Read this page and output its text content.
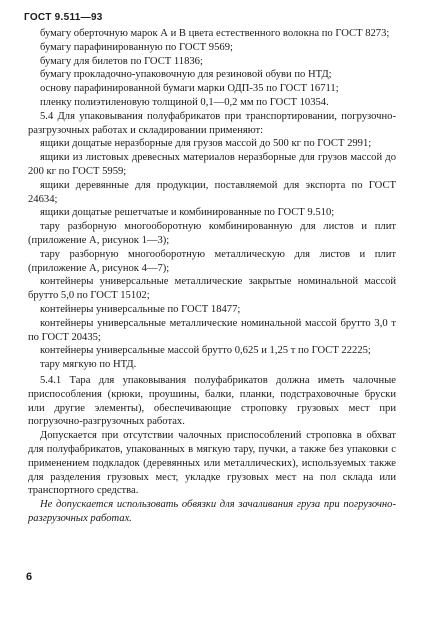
ГОСТ 9.511—93

бумагу оберточную марок А и В цвета естественного волокна по ГОСТ 8273;

бумагу парафинированную по ГОСТ 9569;

бумагу для билетов по ГОСТ 11836;

бумагу прокладочно-упаковочную для резиновой обуви по НТД;

основу парафинированной бумаги марки ОДП-35 по ГОСТ 16711;

пленку полиэтиленовую толщиной 0,1—0,2 мм по ГОСТ 10354.

5.4 Для упаковывания полуфабрикатов при транспортировании, погрузочно-разгрузочных работах и складировании применяют:

ящики дощатые неразборные для грузов массой до 500 кг по ГОСТ 2991;

ящики из листовых древесных материалов неразборные для грузов массой до 200 кг по ГОСТ 5959;

ящики деревянные для продукции, поставляемой для экспорта по ГОСТ 24634;

ящики дощатые решетчатые и комбинированные по ГОСТ 9.510;

тару разборную многооборотную комбинированную для листов и плит (приложение А, рисунок 1—3);

тару разборную многооборотную металлическую для листов и плит (приложение А, рисунок 4—7);

контейнеры универсальные металлические закрытые номинальной массой брутто 5,0 по ГОСТ 15102;

контейнеры универсальные по ГОСТ 18477;

контейнеры универсальные металлические номинальной массой брутто 3,0 т по ГОСТ 20435;

контейнеры универсальные массой брутто 0,625 и 1,25 т по ГОСТ 22225;

тару мягкую по НТД.

5.4.1 Тара для упаковывания полуфабрикатов должна иметь чалочные приспособления (крюки, проушины, балки, планки, подстраховочные бруски или другие элементы), обеспечивающие строповку грузовых мест при погрузочно-разгрузочных работах.

Допускается при отсутствии чалочных приспособлений строповка в обхват для полуфабрикатов, упакованных в мягкую тару, пучки, а также без упаковки с применением подкладок (деревянных или металлических), используемых также для разделения грузовых мест, укладке грузовых мест на пол склада или транспортного средства.

Не допускается использовать обвязки для зачаливания груза при погрузочно-разгрузочных работах.

6
